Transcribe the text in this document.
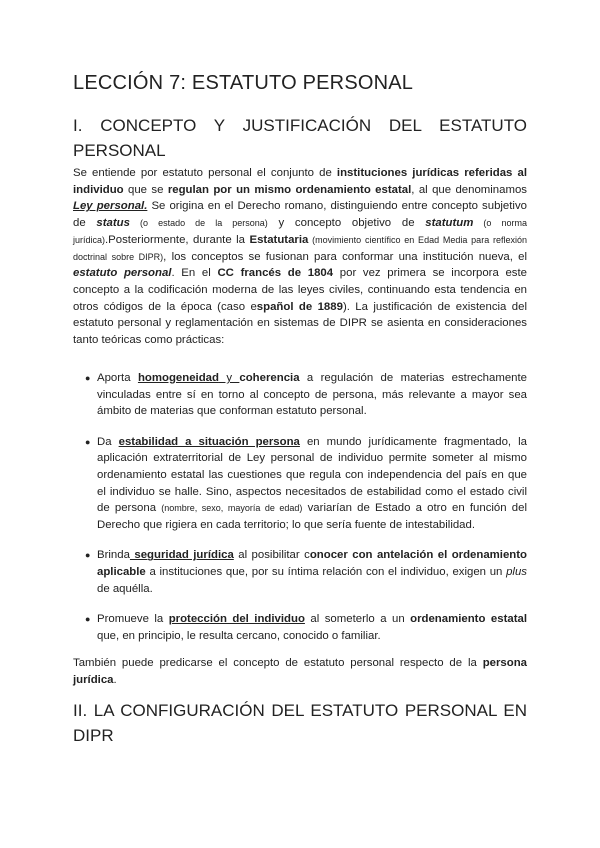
LECCIÓN 7: ESTATUTO PERSONAL
I. CONCEPTO Y JUSTIFICACIÓN DEL ESTATUTO PERSONAL

Se entiende por estatuto personal el conjunto de instituciones jurídicas referidas al individuo que se regulan por un mismo ordenamiento estatal, al que denominamos Ley personal. Se origina en el Derecho romano, distinguiendo entre concepto subjetivo de status (o estado de la persona) y concepto objetivo de statutum (o norma jurídica).Posteriormente, durante la Estatutaria (movimiento científico en Edad Media para reflexión doctrinal sobre DIPR), los conceptos se fusionan para conformar una institución nueva, el estatuto personal. En el CC francés de 1804 por vez primera se incorpora este concepto a la codificación moderna de las leyes civiles, continuando esta tendencia en otros códigos de la época (caso español de 1889). La justificación de existencia del estatuto personal y reglamentación en sistemas de DIPR se asienta en consideraciones tanto teóricas como prácticas:

● Aporta homogeneidad y coherencia a regulación de materias estrechamente vinculadas entre sí en torno al concepto de persona, más relevante a mayor sea ámbito de materias que conforman estatuto personal.
● Da estabilidad a situación persona en mundo jurídicamente fragmentado, la aplicación extraterritorial de Ley personal de individuo permite someter al mismo ordenamiento estatal las cuestiones que regula con independencia del país en que el individuo se halle. Sino, aspectos necesitados de estabilidad como el estado civil de persona (nombre, sexo, mayoría de edad) variarían de Estado a otro en función del Derecho que rigiera en cada territorio; lo que sería fuente de intestabilidad.
● Brinda seguridad jurídica al posibilitar conocer con antelación el ordenamiento aplicable a instituciones que, por su íntima relación con el individuo, exigen un plus de aquélla.
● Promueve la protección del individuo al someterlo a un ordenamiento estatal que, en principio, le resulta cercano, conocido o familiar.

También puede predicarse el concepto de estatuto personal respecto de la persona jurídica.

II. LA CONFIGURACIÓN DEL ESTATUTO PERSONAL EN DIPR
